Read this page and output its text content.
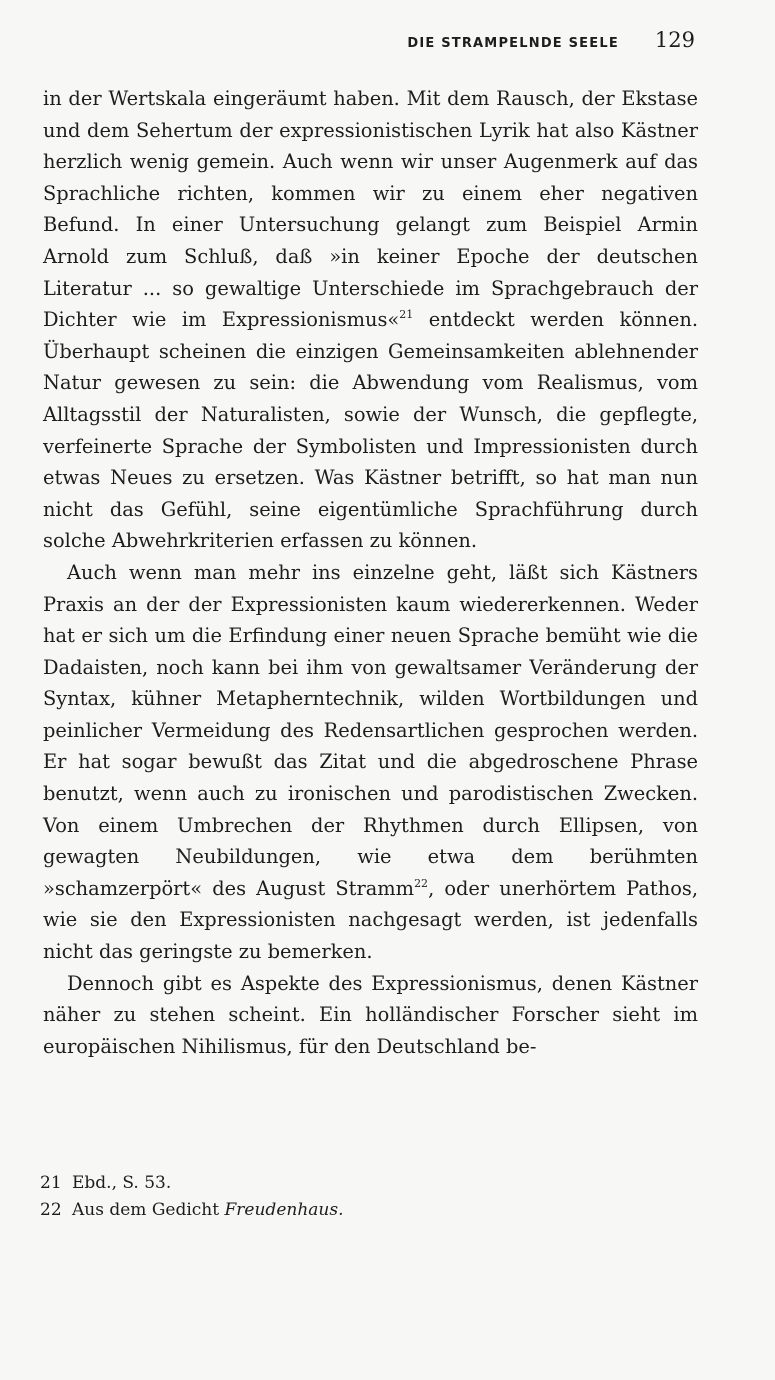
DIE STRAMPELNDE SEELE 129

in der Wertskala eingeräumt haben. Mit dem Rausch, der Ekstase und dem Sehertum der expressionistischen Lyrik hat also Kästner herzlich wenig gemein. Auch wenn wir unser Augenmerk auf das Sprachliche richten, kommen wir zu einem eher negativen Befund. In einer Untersuchung gelangt zum Beispiel Armin Arnold zum Schluß, daß »in keiner Epoche der deutschen Literatur ... so gewaltige Unterschiede im Sprachgebrauch der Dichter wie im Expressionismus«$^{21}$ entdeckt werden können. Überhaupt scheinen die einzigen Gemeinsamkeiten ablehnender Natur gewesen zu sein: die Abwendung vom Realismus, vom Alltagsstil der Naturalisten, sowie der Wunsch, die gepflegte, verfeinerte Sprache der Symbolisten und Impressionisten durch etwas Neues zu ersetzen. Was Kästner betrifft, so hat man nun nicht das Gefühl, seine eigentümliche Sprachführung durch solche Abwehrkriterien erfassen zu können.

Auch wenn man mehr ins einzelne geht, läßt sich Kästners Praxis an der der Expressionisten kaum wiedererkennen. Weder hat er sich um die Erfindung einer neuen Sprache bemüht wie die Dadaisten, noch kann bei ihm von gewaltsamer Veränderung der Syntax, kühner Metapherntechnik, wilden Wortbildungen und peinlicher Vermeidung des Redensartlichen gesprochen werden. Er hat sogar bewußt das Zitat und die abgedroschene Phrase benutzt, wenn auch zu ironischen und parodistischen Zwecken. Von einem Umbrechen der Rhythmen durch Ellipsen, von gewagten Neubildungen, wie etwa dem berühmten »schamzerpört« des August Stramm$^{22}$, oder unerhörtem Pathos, wie sie den Expressionisten nachgesagt werden, ist jedenfalls nicht das geringste zu bemerken.

Dennoch gibt es Aspekte des Expressionismus, denen Kästner näher zu stehen scheint. Ein holländischer Forscher sieht im europäischen Nihilismus, für den Deutschland be-

21 Ebd., S. 53.
22 Aus dem Gedicht Freudenhaus.
